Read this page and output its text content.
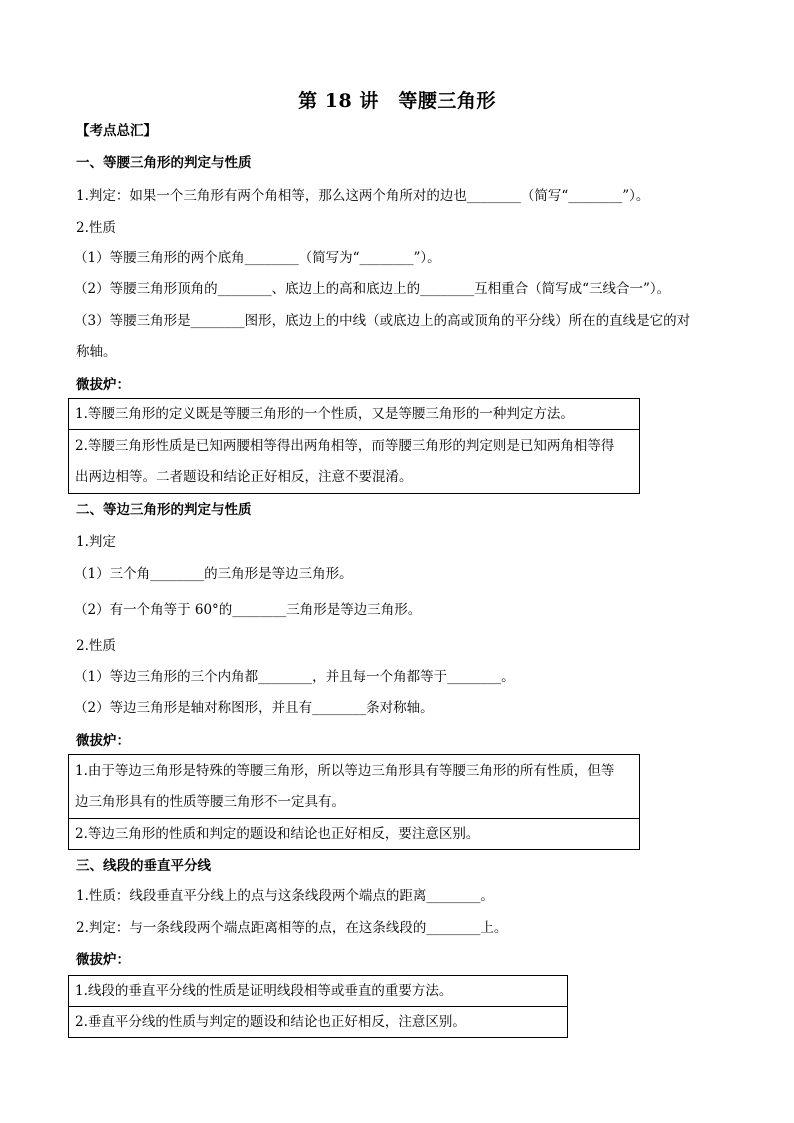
第 18 讲　等腰三角形
【考点总汇】
一、等腰三角形的判定与性质
1.判定：如果一个三角形有两个角相等，那么这两个角所对的边也________（简写“________”）。
2.性质
（1）等腰三角形的两个底角________（简写为“________”）。
（2）等腰三角形顶角的________、底边上的高和底边上的________互相重合（简写成“三线合一”）。
（3）等腰三角形是________图形，底边上的中线（或底边上的高或顶角的平分线）所在的直线是它的对
称轴。
微拔炉：
1.等腰三角形的定义既是等腰三角形的一个性质，又是等腰三角形的一种判定方法。
2.等腰三角形性质是已知两腰相等得出两角相等，而等腰三角形的判定则是已知两角相等得
出两边相等。二者题设和结论正好相反，注意不要混淆。
二、等边三角形的判定与性质
1.判定
（1）三个角________的三角形是等边三角形。
（2）有一个角等于 60°的________三角形是等边三角形。
2.性质
（1）等边三角形的三个内角都________，并且每一个角都等于________。
（2）等边三角形是轴对称图形，并且有________条对称轴。
微拔炉：
1.由于等边三角形是特殊的等腰三角形，所以等边三角形具有等腰三角形的所有性质，但等
边三角形具有的性质等腰三角形不一定具有。
2.等边三角形的性质和判定的题设和结论也正好相反，要注意区别。
三、线段的垂直平分线
1.性质：线段垂直平分线上的点与这条线段两个端点的距离________。
2.判定：与一条线段两个端点距离相等的点，在这条线段的________上。
微拔炉：
1.线段的垂直平分线的性质是证明线段相等或垂直的重要方法。
2.垂直平分线的性质与判定的题设和结论也正好相反，注意区别。
